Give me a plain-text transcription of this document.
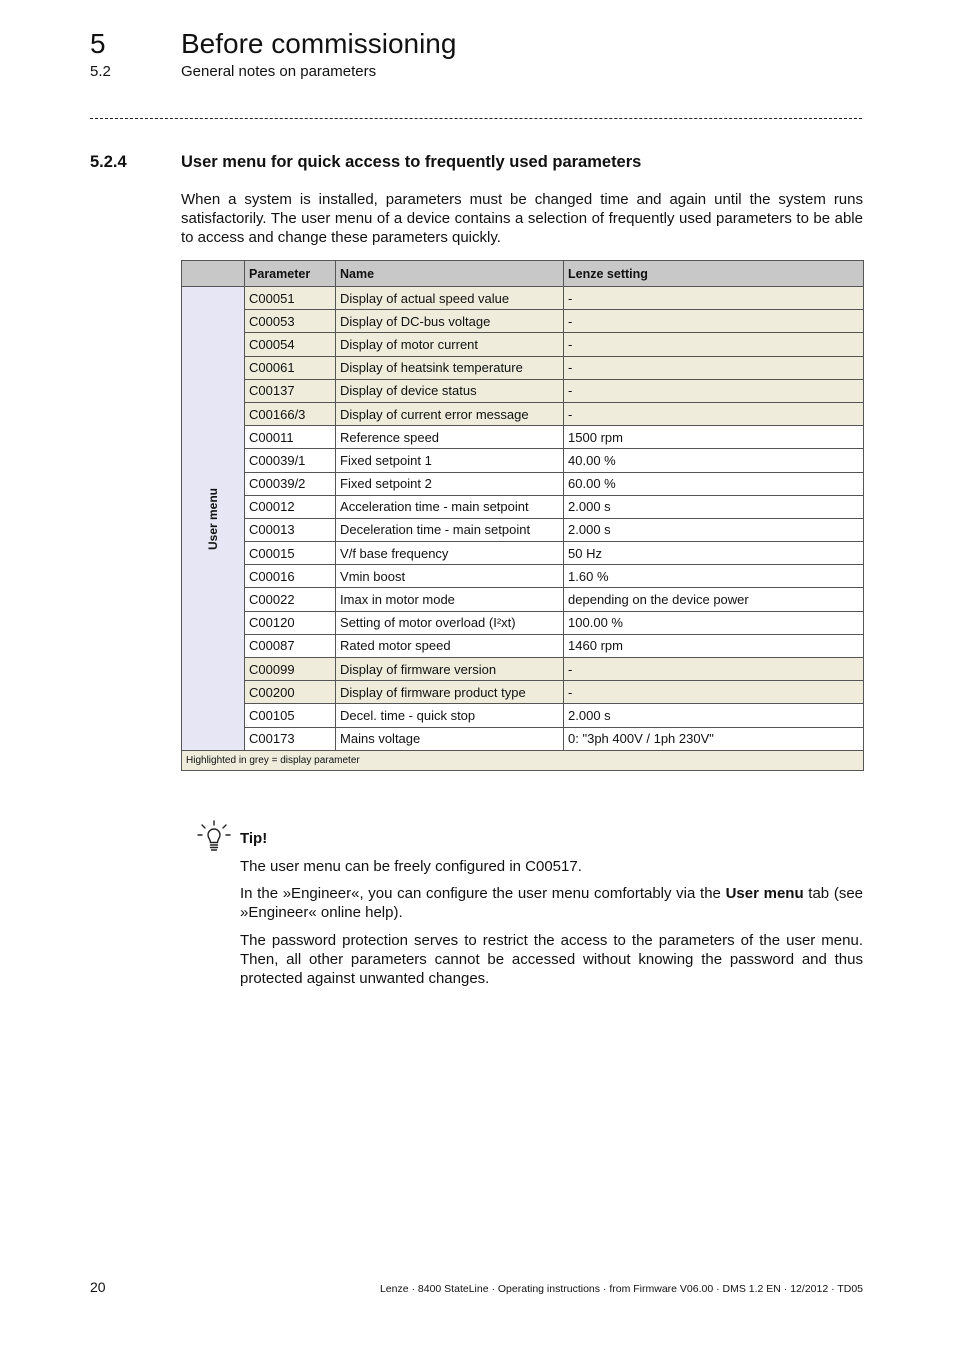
5	Before commissioning
5.2	General notes on parameters
5.2.4	User menu for quick access to frequently used parameters
When a system is installed, parameters must be changed time and again until the system runs satisfactorily. The user menu of a device contains a selection of frequently used parameters to be able to access and change these parameters quickly.
	Parameter	Name	Lenze setting
User menu	C00051	Display of actual speed value	-
	C00053	Display of DC-bus voltage	-
	C00054	Display of motor current	-
	C00061	Display of heatsink temperature	-
	C00137	Display of device status	-
	C00166/3	Display of current error message	-
	C00011	Reference speed	1500 rpm
	C00039/1	Fixed setpoint 1	40.00 %
	C00039/2	Fixed setpoint 2	60.00 %
	C00012	Acceleration time - main setpoint	2.000 s
	C00013	Deceleration time - main setpoint	2.000 s
	C00015	V/f base frequency	50 Hz
	C00016	Vmin boost	1.60 %
	C00022	Imax in motor mode	depending on the device power
	C00120	Setting of motor overload (I²xt)	100.00 %
	C00087	Rated motor speed	1460 rpm
	C00099	Display of firmware version	-
	C00200	Display of firmware product type	-
	C00105	Decel. time - quick stop	2.000 s
	C00173	Mains voltage	0: "3ph 400V / 1ph 230V"
Highlighted in grey = display parameter			
Tip!
The user menu can be freely configured in C00517.
In the »Engineer«, you can configure the user menu comfortably via the User menu tab (see »Engineer« online help).
The password protection serves to restrict the access to the parameters of the user menu. Then, all other parameters cannot be accessed without knowing the password and thus protected against unwanted changes.
20	Lenze · 8400 StateLine · Operating instructions · from Firmware V06.00 · DMS 1.2 EN · 12/2012 · TD05
